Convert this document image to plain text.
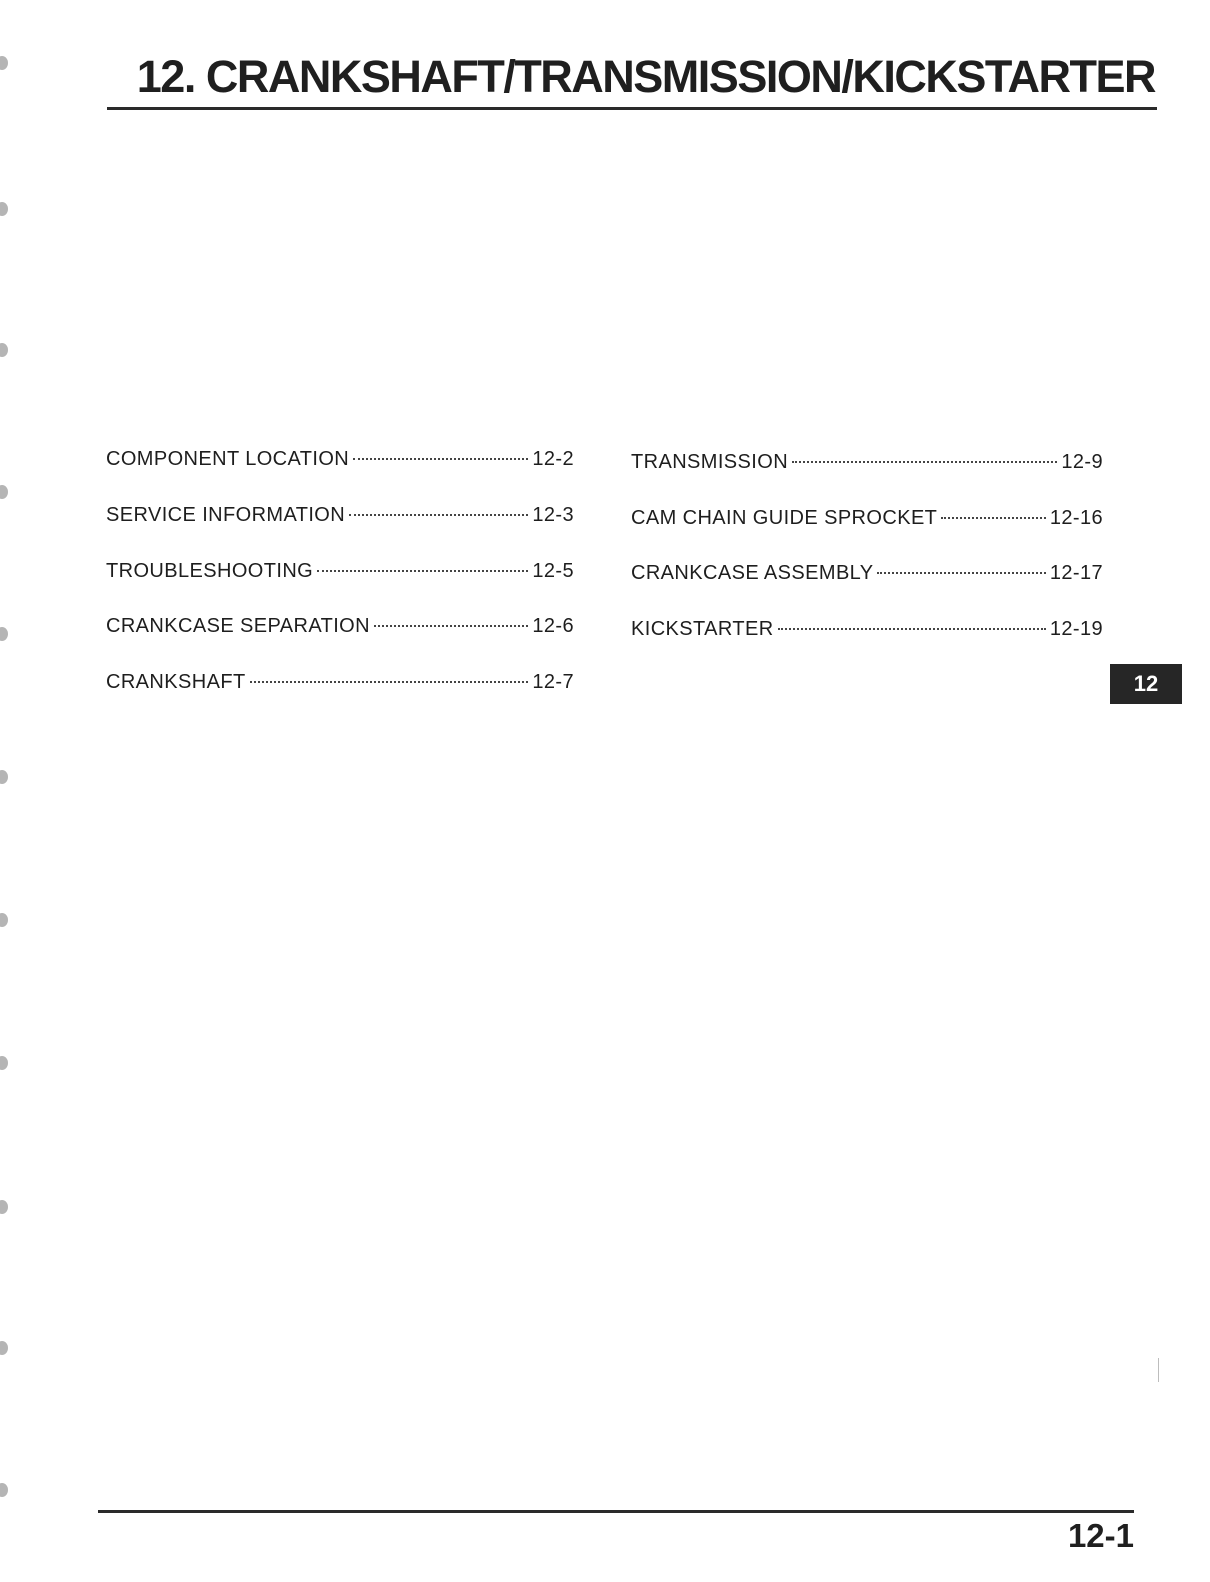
12. CRANKSHAFT/TRANSMISSION/KICKSTARTER
COMPONENT LOCATION	12-2
SERVICE INFORMATION	12-3
TROUBLESHOOTING	12-5
CRANKCASE SEPARATION	12-6
CRANKSHAFT	12-7
TRANSMISSION	12-9
CAM CHAIN GUIDE SPROCKET	12-16
CRANKCASE ASSEMBLY	12-17
KICKSTARTER	12-19
12
12-1
